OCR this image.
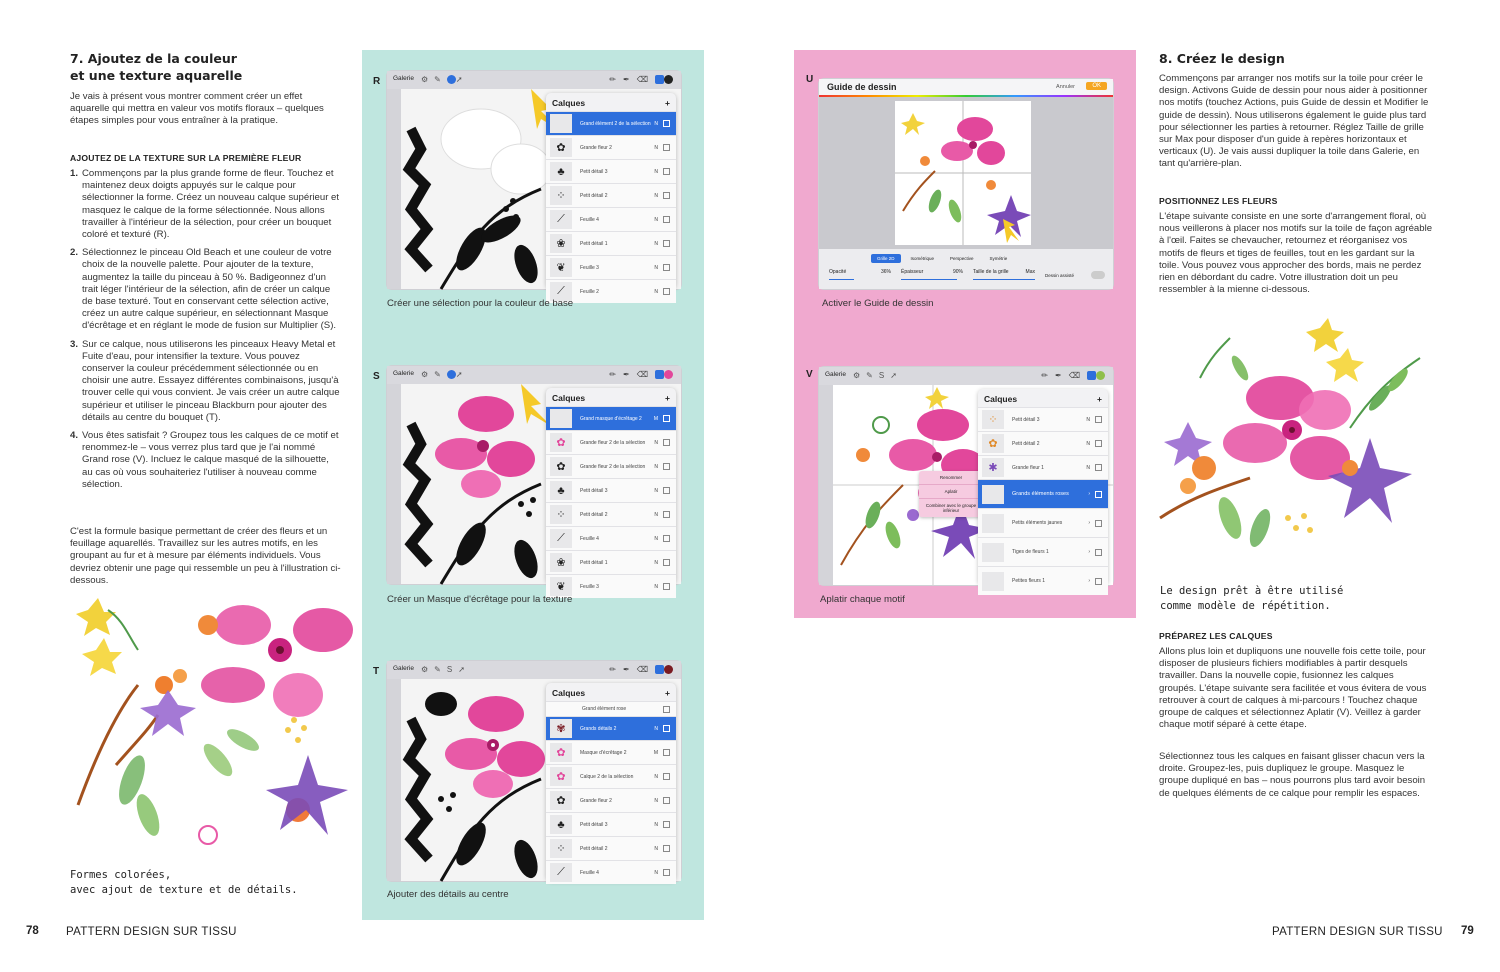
7. Ajoutez de la couleur
et une texture aquarelle
Je vais à présent vous montrer comment créer un effet aquarelle qui mettra en valeur vos motifs floraux – quelques étapes simples pour vous entraîner à la pratique.
AJOUTEZ DE LA TEXTURE SUR LA PREMIÈRE FLEUR
1. Commençons par la plus grande forme de fleur. Touchez et maintenez deux doigts appuyés sur le calque pour sélectionner la forme. Créez un nouveau calque supérieur et masquez le calque de la forme sélectionnée. Nous allons travailler à l'intérieur de la sélection, pour créer un bouquet coloré et texturé (R).
2. Sélectionnez le pinceau Old Beach et une couleur de votre choix de la nouvelle palette. Pour ajouter de la texture, augmentez la taille du pinceau à 50 %. Badigeonnez d'un trait léger l'intérieur de la sélection, afin de créer un calque de base texturé. Tout en conservant cette sélection active, créez un autre calque supérieur, en sélectionnant Masque d'écrêtage et en réglant le mode de fusion sur Multiplier (S).
3. Sur ce calque, nous utiliserons les pinceaux Heavy Metal et Fuite d'eau, pour intensifier la texture. Vous pouvez conserver la couleur précédemment sélectionnée ou en choisir une autre. Essayez différentes combinaisons, jusqu'à trouver celle qui vous convient. Je vais créer un autre calque supérieur et utiliser le pinceau Blackburn pour ajouter des détails au centre du bouquet (T).
4. Vous êtes satisfait ? Groupez tous les calques de ce motif et renommez-le – vous verrez plus tard que je l'ai nommé Grand rose (V). Incluez le calque masqué de la silhouette, au cas où vous souhaiteriez l'utiliser à nouveau comme sélection.
C'est la formule basique permettant de créer des fleurs et un feuillage aquarellés. Travaillez sur les autres motifs, en les groupant au fur et à mesure par éléments individuels. Vous devriez obtenir une page qui ressemble un peu à l'illustration ci-dessous.
Formes colorées,
avec ajout de texture et de détails.
78 PATTERN DESIGN SUR TISSU
R Galerie ⚙✎ ➚	✏✒⌫
Calques	+
Grand élément 2 de la sélection N
✿	Grande fleur 2	N
♣	Petit détail 3	N
⁘	Petit détail 2	N
⟋	Feuille 4	N
❀	Petit détail 1	N
❦	Feuille 3	N
⟋	Feuille 2	N
Créer une sélection pour la couleur de base
S Galerie ⚙✎ ➚	✏✒⌫
Calques	+
Grand masque d'écrêtage 2 M
✿	Grande fleur 2 de la sélection N
✿	Grande fleur 2 de la sélection N
♣	Petit détail 3	N
⁘	Petit détail 2	N
⟋	Feuille 4	N
❀	Petit détail 1	N
❦	Feuille 3	N
Créer un Masque d'écrêtage pour la texture
T Galerie ⚙✎S➚	✏✒⌫
Calques	+
Grand élément rose
✾	Grands détails 2	N
✿	Masque d'écrêtage 2	M
✿	Calque 2 de la sélection	N
✿	Grande fleur 2	N
♣	Petit détail 3	N
⁘	Petit détail 2	N
⟋	Feuille 4	N
Ajouter des détails au centre
U
Guide de dessin	Annuler	OK
Grille 2D	Isométrique	Perspective	Symétrie
Opacité	36% Épaisseur	90% Taille de la grille	Max
Dessin assisté
Activer le Guide de dessin
V Galerie ⚙✎S➚	✏✒⌫
Renommer
Aplatir
Combiner avec le groupe inférieur
Calques	+
⁘	Petit détail 3	N
✿	Petit détail 2	N
✱	Grande fleur 1	N
Grands éléments roses	›
Petits éléments jaunes	›
Tiges de fleurs 1	›
Petites fleurs 1	›
Aplatir chaque motif
8. Créez le design
Commençons par arranger nos motifs sur la toile pour créer le design. Activons Guide de dessin pour nous aider à positionner nos motifs (touchez Actions, puis Guide de dessin et Modifier le guide de dessin). Nous utiliserons également le guide plus tard pour sélectionner les parties à retourner. Réglez Taille de grille sur Max pour disposer d'un guide à repères horizontaux et verticaux (U). Je vais aussi dupliquer la toile dans Galerie, en tant qu'arrière-plan.
POSITIONNEZ LES FLEURS
L'étape suivante consiste en une sorte d'arrangement floral, où nous veillerons à placer nos motifs sur la toile de façon agréable à l'œil. Faites se chevaucher, retournez et réorganisez vos motifs de fleurs et tiges de feuilles, tout en les gardant sur la toile. Vous pouvez vous approcher des bords, mais ne perdez rien en débordant du cadre. Votre illustration doit un peu ressembler à la mienne ci-dessous.
Le design prêt à être utilisé
comme modèle de répétition.
PRÉPAREZ LES CALQUES
Allons plus loin et dupliquons une nouvelle fois cette toile, pour disposer de plusieurs fichiers modifiables à partir desquels travailler. Dans la nouvelle copie, fusionnez les calques groupés. L'étape suivante sera facilitée et vous évitera de vous retrouver à court de calques à mi-parcours ! Touchez chaque groupe de calques et sélectionnez Aplatir (V). Veillez à garder chaque motif séparé à cette étape.
Sélectionnez tous les calques en faisant glisser chacun vers la droite. Groupez-les, puis dupliquez le groupe. Masquez le groupe dupliqué en bas – nous pourrons plus tard avoir besoin de quelques éléments de ce calque pour remplir les espaces.
PATTERN DESIGN SUR TISSU 79
